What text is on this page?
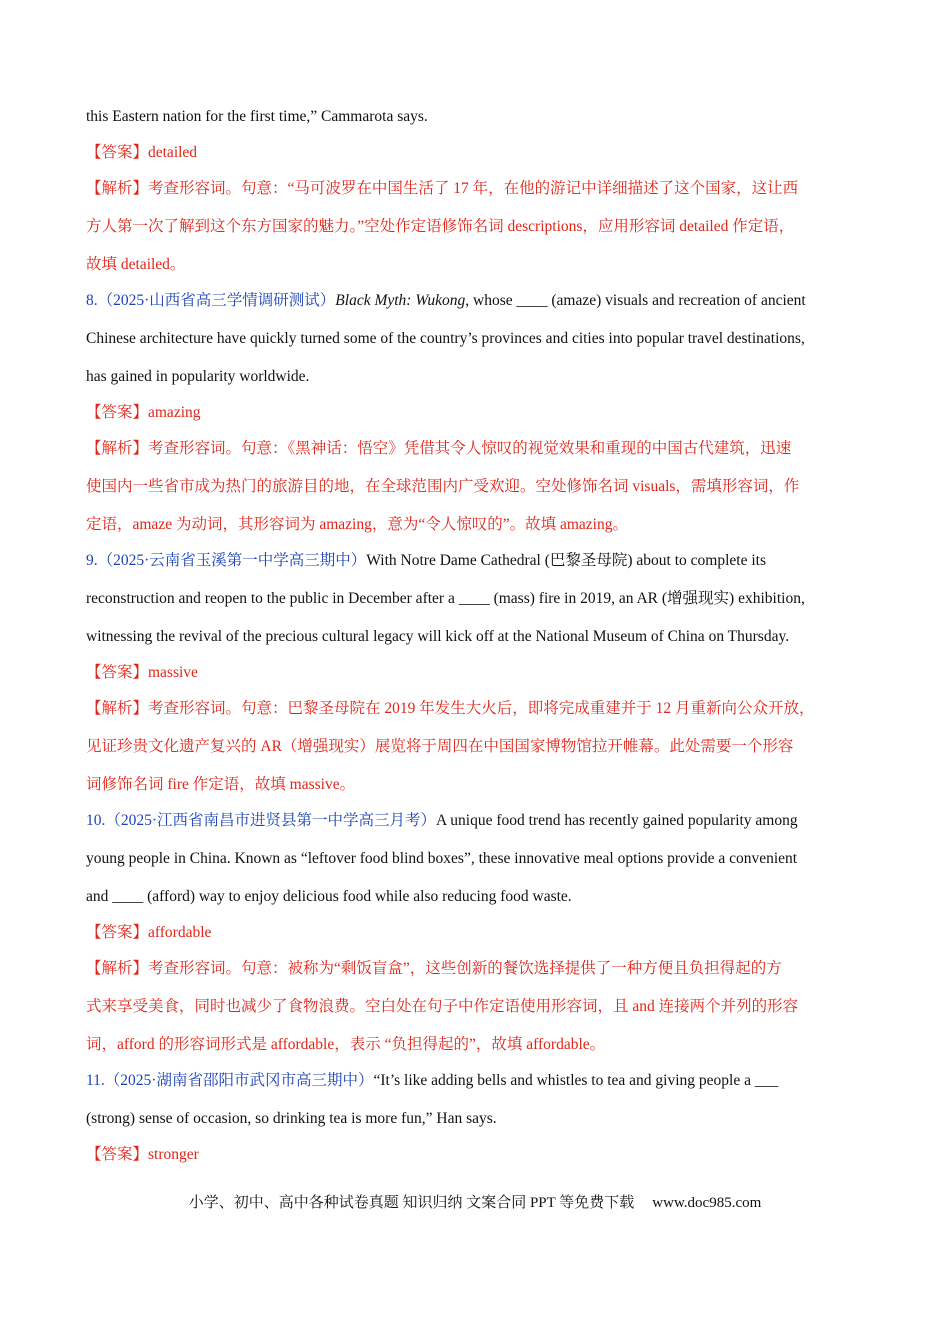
this Eastern nation for the first time,” Cammarota says.

【答案】detailed

【解析】考查形容词。句意：“马可波罗在中国生活了 17 年，在他的游记中详细描述了这个国家，这让西

方人第一次了解到这个东方国家的魅力。”空处作定语修饰名词 descriptions，应用形容词 detailed 作定语，

故填 detailed。

8.（2025·山西省高三学情调研测试）Black Myth: Wukong, whose ____ (amaze) visuals and recreation of ancient

Chinese architecture have quickly turned some of the country’s provinces and cities into popular travel destinations,

has gained in popularity worldwide.

【答案】amazing

【解析】考查形容词。句意：《黑神话：悟空》凭借其令人惊叹的视觉效果和重现的中国古代建筑，迅速

使国内一些省市成为热门的旅游目的地，在全球范围内广受欢迎。空处修饰名词 visuals，需填形容词，作

定语，amaze 为动词，其形容词为 amazing，意为“令人惊叹的”。故填 amazing。

9.（2025·云南省玉溪第一中学高三期中）With Notre Dame Cathedral (巴黎圣母院) about to complete its

reconstruction and reopen to the public in December after a ____ (mass) fire in 2019, an AR (增强现实) exhibition,

witnessing the revival of the precious cultural legacy will kick off at the National Museum of China on Thursday.

【答案】massive

【解析】考查形容词。句意：巴黎圣母院在 2019 年发生大火后，即将完成重建并于 12 月重新向公众开放，

见证珍贵文化遗产复兴的 AR（增强现实）展览将于周四在中国国家博物馆拉开帷幕。此处需要一个形容

词修饰名词 fire 作定语，故填 massive。

10.（2025·江西省南昌市进贤县第一中学高三月考）A unique food trend has recently gained popularity among

young people in China. Known as “leftover food blind boxes”, these innovative meal options provide a convenient

and ____ (afford) way to enjoy delicious food while also reducing food waste.

【答案】affordable

【解析】考查形容词。句意：被称为“剩饭盲盒”，这些创新的餐饮选择提供了一种方便且负担得起的方

式来享受美食，同时也减少了食物浪费。空白处在句子中作定语使用形容词，且 and 连接两个并列的形容

词，afford 的形容词形式是 affordable，表示 “负担得起的”，故填 affordable。

11.（2025·湖南省邵阳市武冈市高三期中）“It’s like adding bells and whistles to tea and giving people a ___

(strong) sense of occasion, so drinking tea is more fun,” Han says.

【答案】stronger

小学、初中、高中各种试卷真题 知识归纳 文案合同 PPT 等免费下载 www.doc985.com
